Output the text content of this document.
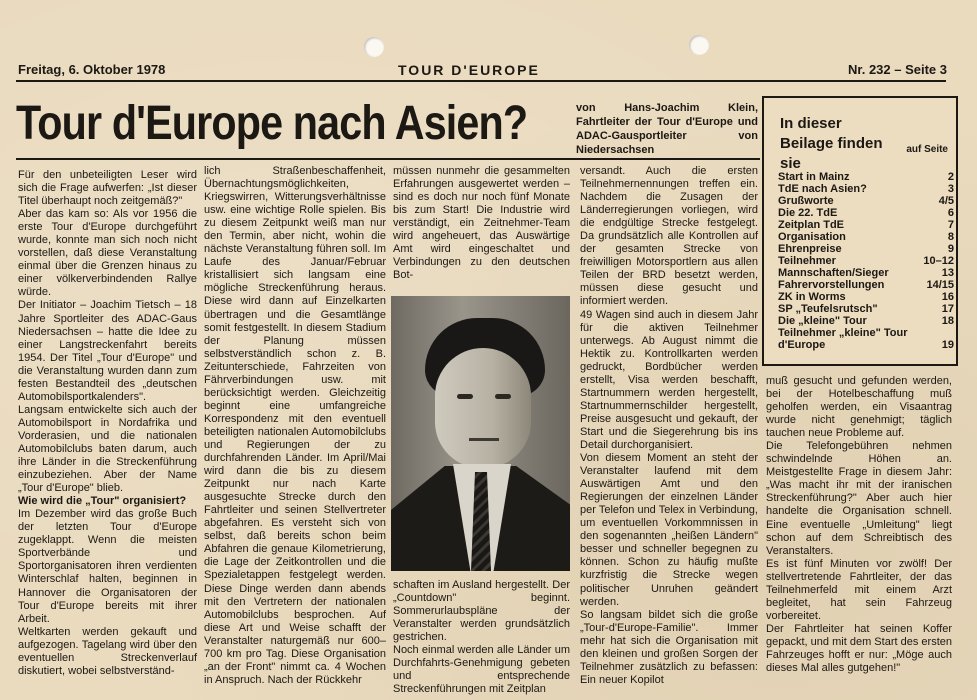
Freitag, 6. Oktober 1978	TOUR D'EUROPE	Nr. 232 – Seite 3
Tour d'Europe nach Asien?	von Hans-Joachim Klein, Fahrtleiter der Tour d'Europe und ADAC-Gausportleiter von Niedersachsen

Für den unbeteiligten Leser wird sich die Frage aufwerfen: „Ist dieser Titel überhaupt noch zeitgemäß?"

Aber das kam so: Als vor 1956 die erste Tour d'Europe durchgeführt wurde, konnte man sich noch nicht vorstellen, daß diese Veranstaltung einmal über die Grenzen hinaus zu einer völkerverbindenden Rallye würde.

Der Initiator – Joachim Tietsch – 18 Jahre Sportleiter des ADAC-Gaus Niedersachsen – hatte die Idee zu einer Langstreckenfahrt bereits 1954. Der Titel „Tour d'Europe" und die Veranstaltung wurden dann zum festen Bestandteil des „deutschen Automobilsportkalenders".

Langsam entwickelte sich auch der Automobilsport in Nordafrika und Vorderasien, und die nationalen Automobilclubs baten darum, auch ihre Länder in die Streckenführung einzubeziehen. Aber der Name „Tour d'Europe" blieb.

Wie wird die „Tour" organisiert?

Im Dezember wird das große Buch der letzten Tour d'Europe zugeklappt. Wenn die meisten Sportverbände und Sportorganisatoren ihren verdienten Winterschlaf halten, beginnen in Hannover die Organisatoren der Tour d'Europe bereits mit ihrer Arbeit.

Weltkarten werden gekauft und aufgezogen. Tagelang wird über den eventuellen Streckenverlauf diskutiert, wobei selbstverständ-

lich Straßenbeschaffenheit, Übernachtungsmöglichkeiten, Kriegswirren, Witterungsverhältnisse usw. eine wichtige Rolle spielen. Bis zu diesem Zeitpunkt weiß man nur den Termin, aber nicht, wohin die nächste Veranstaltung führen soll. Im Laufe des Januar/Februar kristallisiert sich langsam eine mögliche Streckenführung heraus. Diese wird dann auf Einzelkarten übertragen und die Gesamtlänge somit festgestellt. In diesem Stadium der Planung müssen selbstverständlich schon z. B. Zeitunterschiede, Fahrzeiten von Fährverbindungen usw. mit berücksichtigt werden. Gleichzeitig beginnt eine umfangreiche Korrespondenz mit den eventuell beteiligten nationalen Automobilclubs und Regierungen der zu durchfahrenden Länder. Im April/Mai wird dann die bis zu diesem Zeitpunkt nur nach Karte ausgesuchte Strecke durch den Fahrtleiter und seinen Stellvertreter abgefahren. Es versteht sich von selbst, daß bereits schon beim Abfahren die genaue Kilometrierung, die Lage der Zeitkontrollen und die Spezialetappen festgelegt werden. Diese Dinge werden dann abends mit den Vertretern der nationalen Automobilclubs besprochen. Auf diese Art und Weise schafft der Veranstalter naturgemäß nur 600–700 km pro Tag. Diese Organisation „an der Front" nimmt ca. 4 Wochen in Anspruch. Nach der Rückkehr

müssen nunmehr die gesammelten Erfahrungen ausgewertet werden – sind es doch nur noch fünf Monate bis zum Start! Die Industrie wird verständigt, ein Zeitnehmer-Team wird angeheuert, das Auswärtige Amt wird eingeschaltet und Verbindungen zu den deutschen Bot-

schaften im Ausland hergestellt. Der „Countdown" beginnt. Sommerurlaubspläne der Veranstalter werden grundsätzlich gestrichen.

Noch einmal werden alle Länder um Durchfahrts-Genehmigung gebeten und entsprechende Streckenführungen mit Zeitplan

versandt. Auch die ersten Teilnehmernennungen treffen ein. Nachdem die Zusagen der Länderregierungen vorliegen, wird die endgültige Strecke festgelegt. Da grundsätzlich alle Kontrollen auf der gesamten Strecke von freiwilligen Motorsportlern aus allen Teilen der BRD besetzt werden, müssen diese gesucht und informiert werden.

49 Wagen sind auch in diesem Jahr für die aktiven Teilnehmer unterwegs. Ab August nimmt die Hektik zu. Kontrollkarten werden gedruckt, Bordbücher werden erstellt, Visa werden beschafft, Startnummern werden hergestellt, Startnummernschilder hergestellt, Preise ausgesucht und gekauft, der Start und die Siegerehrung bis ins Detail durchorganisiert.

Von diesem Moment an steht der Veranstalter laufend mit dem Auswärtigen Amt und den Regierungen der einzelnen Länder per Telefon und Telex in Verbindung, um eventuellen Vorkommnissen in den sogenannten „heißen Ländern" besser und schneller begegnen zu können. Schon zu häufig mußte kurzfristig die Strecke wegen politischer Unruhen geändert werden.

So langsam bildet sich die große „Tour-d'Europe-Familie". Immer mehr hat sich die Organisation mit den kleinen und großen Sorgen der Teilnehmer zusätzlich zu befassen: Ein neuer Kopilot

muß gesucht und gefunden werden, bei der Hotelbeschaffung muß geholfen werden, ein Visaantrag wurde nicht genehmigt; täglich tauchen neue Probleme auf.

Die Telefongebühren nehmen schwindelnde Höhen an. Meistgestellte Frage in diesem Jahr: „Was macht ihr mit der iranischen Streckenführung?" Aber auch hier handelte die Organisation schnell. Eine eventuelle „Umleitung" liegt schon auf dem Schreibtisch des Veranstalters.

Es ist fünf Minuten vor zwölf! Der stellvertretende Fahrtleiter, der das Teilnehmerfeld mit einem Arzt begleitet, hat sein Fahrzeug vorbereitet.

Der Fahrtleiter hat seinen Koffer gepackt, und mit dem Start des ersten Fahrzeuges hofft er nur: „Möge auch dieses Mal alles gutgehen!"

In dieser Beilage finden sie
auf Seite
Start in Mainz	2
TdE nach Asien?	3
Grußworte	4/5
Die 22. TdE	6
Zeitplan TdE	7
Organisation	8
Ehrenpreise	9
Teilnehmer	10–12
Mannschaften/Sieger	13
Fahrervorstellungen	14/15
ZK in Worms	16
SP „Teufelsrutsch"	17
Die „kleine" Tour	18
Teilnehmer „kleine" Tour d'Europe	19
